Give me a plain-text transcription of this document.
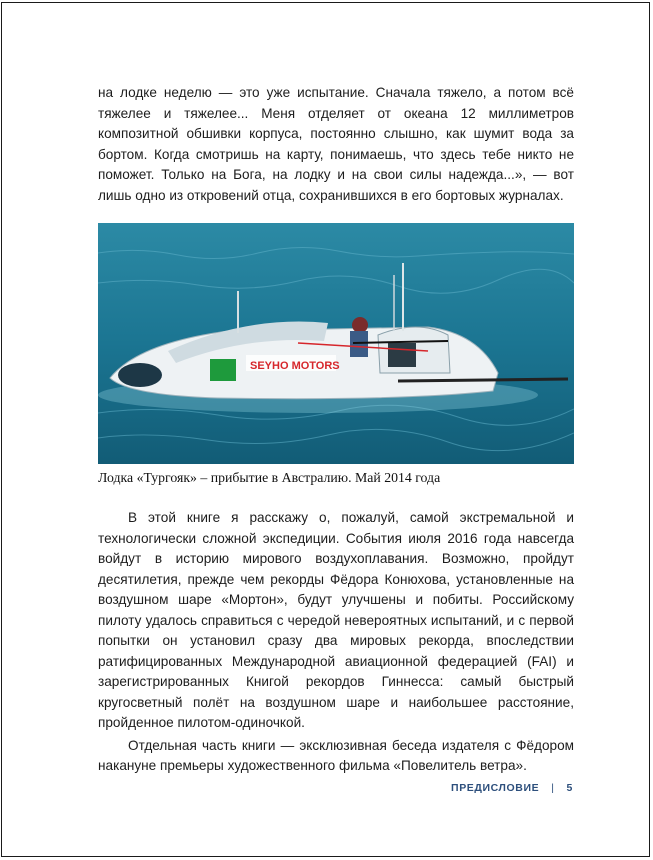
на лодке неделю — это уже испытание. Сначала тяжело, а потом всё тяжелее и тяжелее... Меня отделяет от океана 12 миллиметров композитной обшивки корпуса, постоянно слышно, как шумит вода за бортом. Когда смотришь на карту, понимаешь, что здесь тебе никто не поможет. Только на Бога, на лодку и на свои силы надежда...», — вот лишь одно из откровений отца, сохранившихся в его бортовых журналах.

SEYHO MOTORS
Лодка «Тургояк» – прибытие в Австралию. Май 2014 года

В этой книге я расскажу о, пожалуй, самой экстремальной и технологически сложной экспедиции. События июля 2016 года навсегда войдут в историю мирового воздухоплавания. Возможно, пройдут десятилетия, прежде чем рекорды Фёдора Конюхова, установленные на воздушном шаре «Мортон», будут улучшены и побиты. Российскому пилоту удалось справиться с чередой невероятных испытаний, и с первой попытки он установил сразу два мировых рекорда, впоследствии ратифицированных Международной авиационной федерацией (FAI) и зарегистрированных Книгой рекордов Гиннесса: самый быстрый кругосветный полёт на воздушном шаре и наибольшее расстояние, пройденное пилотом-одиночкой.

Отдельная часть книги — эксклюзивная беседа издателя с Фёдором накануне премьеры художественного фильма «Повелитель ветра».

ПРЕДИСЛОВИЕ | 5
